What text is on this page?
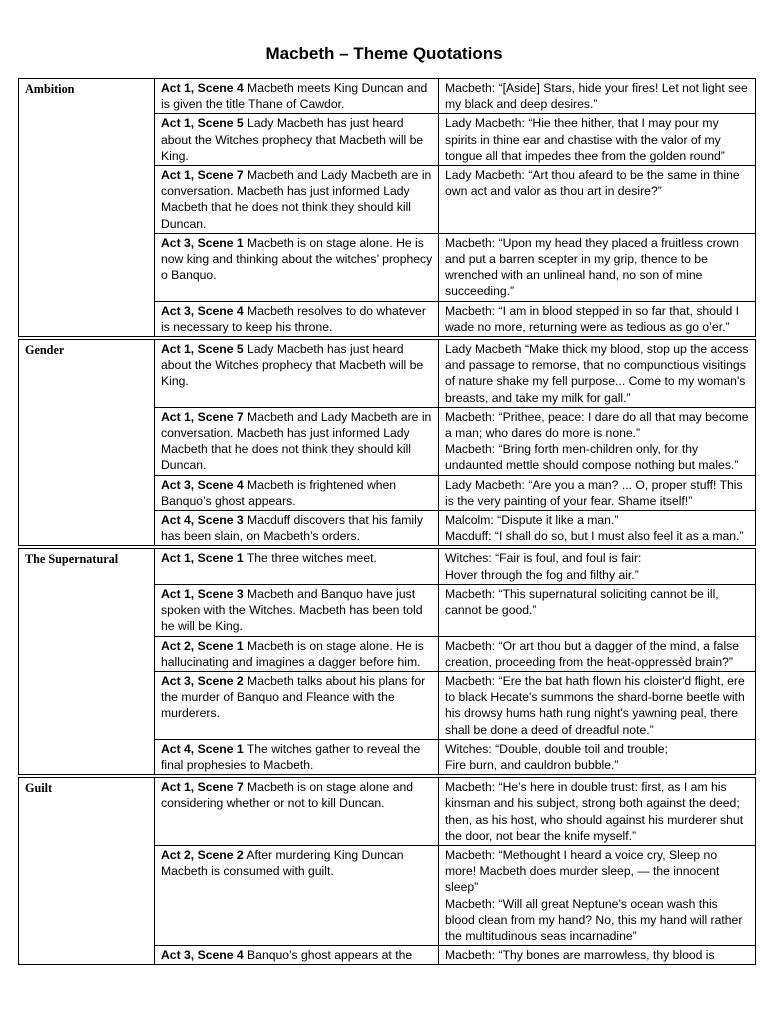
Macbeth – Theme Quotations
Ambition	Act 1, Scene 4 Macbeth meets King Duncan and is given the title Thane of Cawdor.	Macbeth: “[Aside] Stars, hide your fires! Let not light see my black and deep desires.”
	Act 1, Scene 5 Lady Macbeth has just heard about the Witches prophecy that Macbeth will be King.	Lady Macbeth: “Hie thee hither, that I may pour my spirits in thine ear and chastise with the valor of my tongue all that impedes thee from the golden round”
	Act 1, Scene 7 Macbeth and Lady Macbeth are in conversation. Macbeth has just informed Lady Macbeth that he does not think they should kill Duncan.	Lady Macbeth: “Art thou afeard to be the same in thine own act and valor as thou art in desire?”
	Act 3, Scene 1 Macbeth is on stage alone. He is now king and thinking about the witches’ prophecy o Banquo.	Macbeth: “Upon my head they placed a fruitless crown and put a barren scepter in my grip, thence to be wrenched with an unlineal hand, no son of mine succeeding.”
	Act 3, Scene 4 Macbeth resolves to do whatever is necessary to keep his throne.	Macbeth: “I am in blood stepped in so far that, should I wade no more, returning were as tedious as go o’er.”

Gender	Act 1, Scene 5 Lady Macbeth has just heard about the Witches prophecy that Macbeth will be King.	Lady Macbeth “Make thick my blood, stop up the access and passage to remorse, that no compunctious visitings of nature shake my fell purpose... Come to my woman's breasts, and take my milk for gall.”
	Act 1, Scene 7 Macbeth and Lady Macbeth are in conversation. Macbeth has just informed Lady Macbeth that he does not think they should kill Duncan.	Macbeth: “Prithee, peace: I dare do all that may become a man; who dares do more is none.”
Macbeth: “Bring forth men-children only, for thy undaunted mettle should compose nothing but males.”
	Act 3, Scene 4 Macbeth is frightened when Banquo’s ghost appears.	Lady Macbeth: “Are you a man? ... O, proper stuff! This is the very painting of your fear. Shame itself!”
	Act 4, Scene 3 Macduff discovers that his family has been slain, on Macbeth’s orders.	Malcolm: “Dispute it like a man.”
Macduff: “I shall do so, but I must also feel it as a man.”

The Supernatural	Act 1, Scene 1 The three witches meet.	Witches: “Fair is foul, and foul is fair:
Hover through the fog and filthy air.”
	Act 1, Scene 3 Macbeth and Banquo have just spoken with the Witches. Macbeth has been told he will be King.	Macbeth: “This supernatural soliciting cannot be ill, cannot be good.”
	Act 2, Scene 1 Macbeth is on stage alone. He is hallucinating and imagines a dagger before him.	Macbeth: “Or art thou but a dagger of the mind, a false creation, proceeding from the heat-oppressèd brain?”
	Act 3, Scene 2 Macbeth talks about his plans for the murder of Banquo and Fleance with the murderers.	Macbeth: “Ere the bat hath flown his cloister'd flight, ere to black Hecate's summons the shard-borne beetle with his drowsy hums hath rung night's yawning peal, there shall be done a deed of dreadful note.”
	Act 4, Scene 1 The witches gather to reveal the final prophesies to Macbeth.	Witches: “Double, double toil and trouble;
Fire burn, and cauldron bubble.”

Guilt	Act 1, Scene 7 Macbeth is on stage alone and considering whether or not to kill Duncan.	Macbeth: “He’s here in double trust: first, as I am his kinsman and his subject, strong both against the deed; then, as his host, who should against his murderer shut the door, not bear the knife myself.”
	Act 2, Scene 2 After murdering King Duncan Macbeth is consumed with guilt.	Macbeth: “Methought I heard a voice cry, Sleep no more! Macbeth does murder sleep, — the innocent sleep”
Macbeth: “Will all great Neptune’s ocean wash this blood clean from my hand? No, this my hand will rather the multitudinous seas incarnadine”
	Act 3, Scene 4 Banquo’s ghost appears at the	Macbeth: “Thy bones are marrowless, thy blood is
